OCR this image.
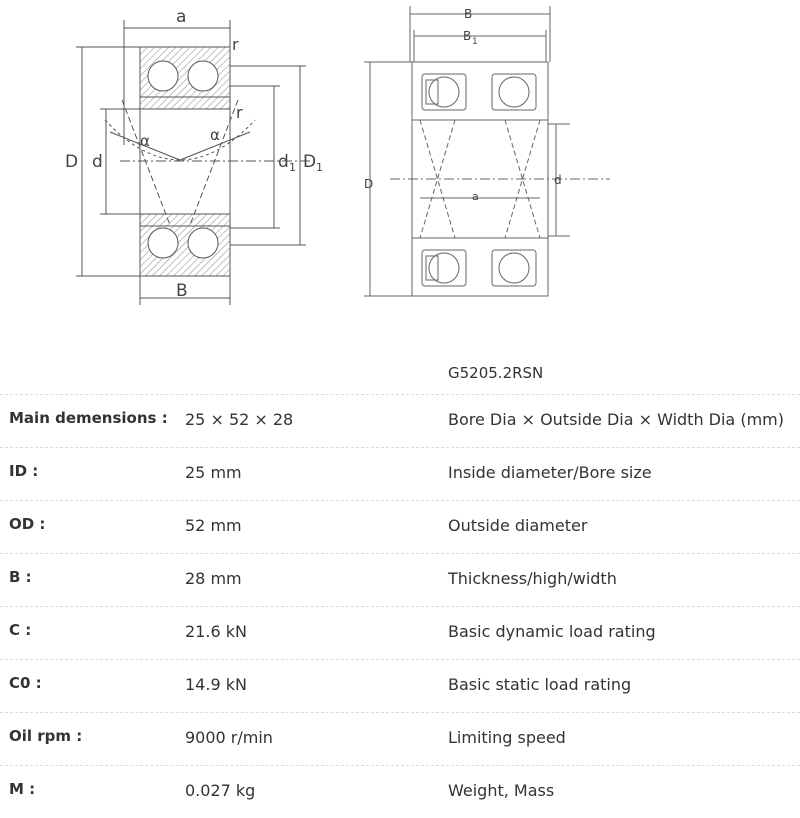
a
r
r
α	α
D d	d 1 D 1
B
B
B 1
D	d
a
G5205.2RSN
Main demensions : 25 × 52 × 28	Bore Dia × Outside Dia × Width Dia (mm)
ID :	25 mm	Inside diameter/Bore size
OD :	52 mm	Outside diameter
B :	28 mm	Thickness/high/width
C :	21.6 kN	Basic dynamic load rating
C0 :	14.9 kN	Basic static load rating
Oil rpm :	9000 r/min	Limiting speed
M :	0.027 kg	Weight, Mass
